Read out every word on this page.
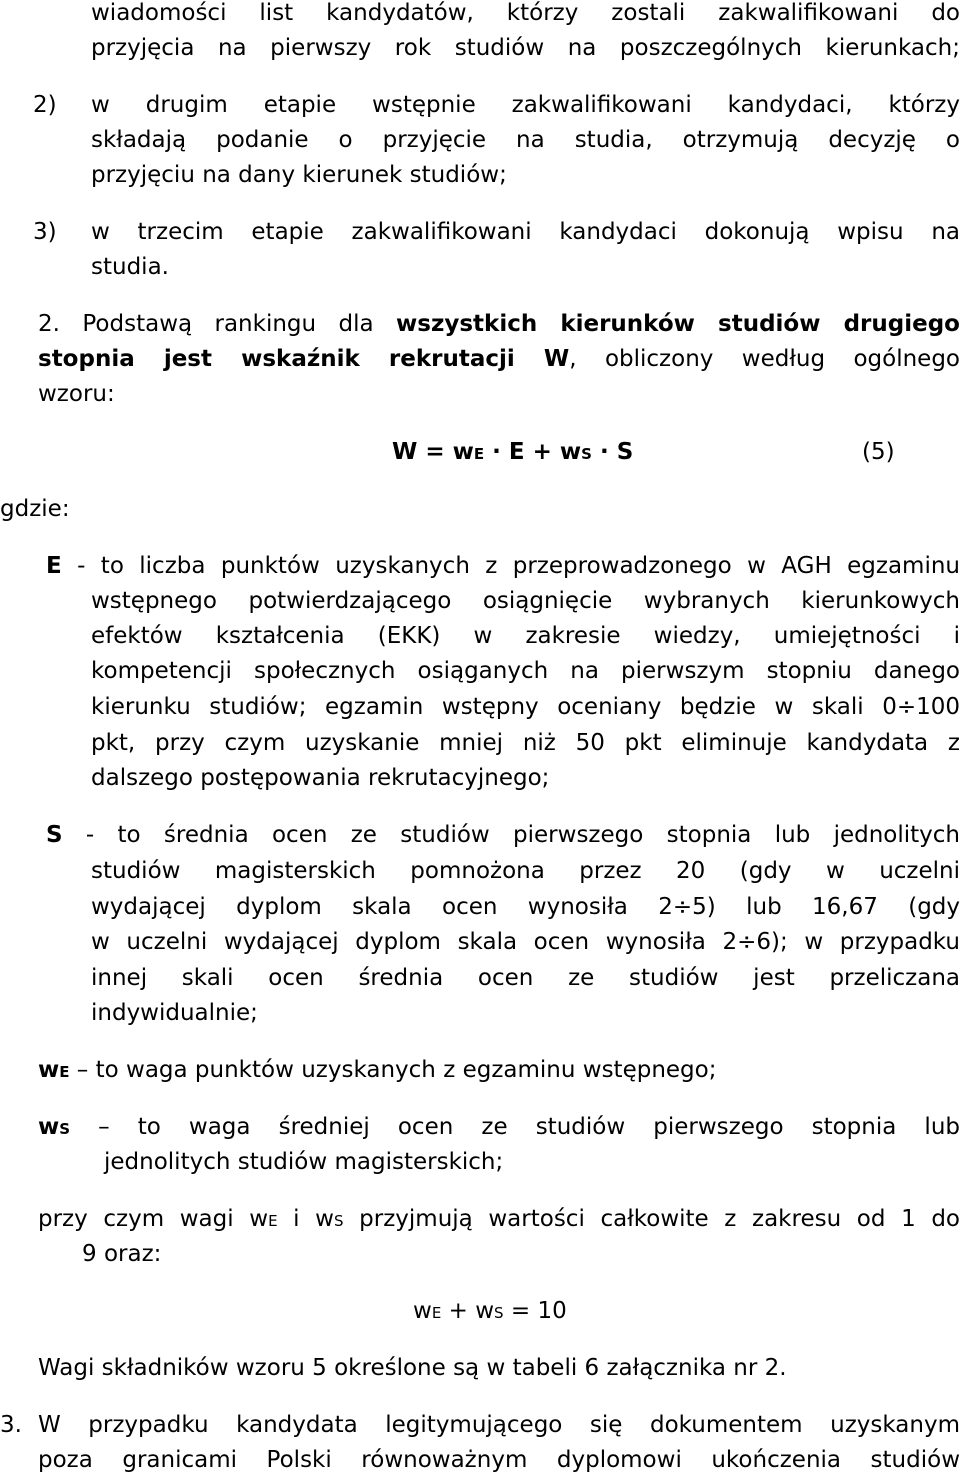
wiadomości list kandydatów, którzy zostali zakwalifikowani do
przyjęcia na pierwszy rok studiów na poszczególnych kierunkach;
2) w drugim etapie wstępnie zakwalifikowani kandydaci, którzy
składają podanie o przyjęcie na studia, otrzymują decyzję o
przyjęciu na dany kierunek studiów;
3) w trzecim etapie zakwalifikowani kandydaci dokonują wpisu na
studia.
2. Podstawą rankingu dla wszystkich kierunków studiów drugiego
stopnia jest wskaźnik rekrutacji W, obliczony według ogólnego
wzoru:
W = wE · E + wS · S	(5)
gdzie:
E - to liczba punktów uzyskanych z przeprowadzonego w AGH egzaminu
wstępnego potwierdzającego osiągnięcie wybranych kierunkowych
efektów kształcenia (EKK) w zakresie wiedzy, umiejętności i
kompetencji społecznych osiąganych na pierwszym stopniu danego
kierunku studiów; egzamin wstępny oceniany będzie w skali 0÷100
pkt, przy czym uzyskanie mniej niż 50 pkt eliminuje kandydata z
dalszego postępowania rekrutacyjnego;
S - to średnia ocen ze studiów pierwszego stopnia lub jednolitych
studiów magisterskich pomnożona przez 20 (gdy w uczelni
wydającej dyplom skala ocen wynosiła 2÷5) lub 16,67 (gdy
w uczelni wydającej dyplom skala ocen wynosiła 2÷6); w przypadku
innej skali ocen średnia ocen ze studiów jest przeliczana
indywidualnie;
wE – to waga punktów uzyskanych z egzaminu wstępnego;
wS – to waga średniej ocen ze studiów pierwszego stopnia lub
jednolitych studiów magisterskich;
przy czym wagi wE i wS przyjmują wartości całkowite z zakresu od 1 do
9 oraz:
wE + wS = 10
Wagi składników wzoru 5 określone są w tabeli 6 załącznika nr 2.
3. W przypadku kandydata legitymującego się dokumentem uzyskanym
poza granicami Polski równoważnym dyplomowi ukończenia studiów
